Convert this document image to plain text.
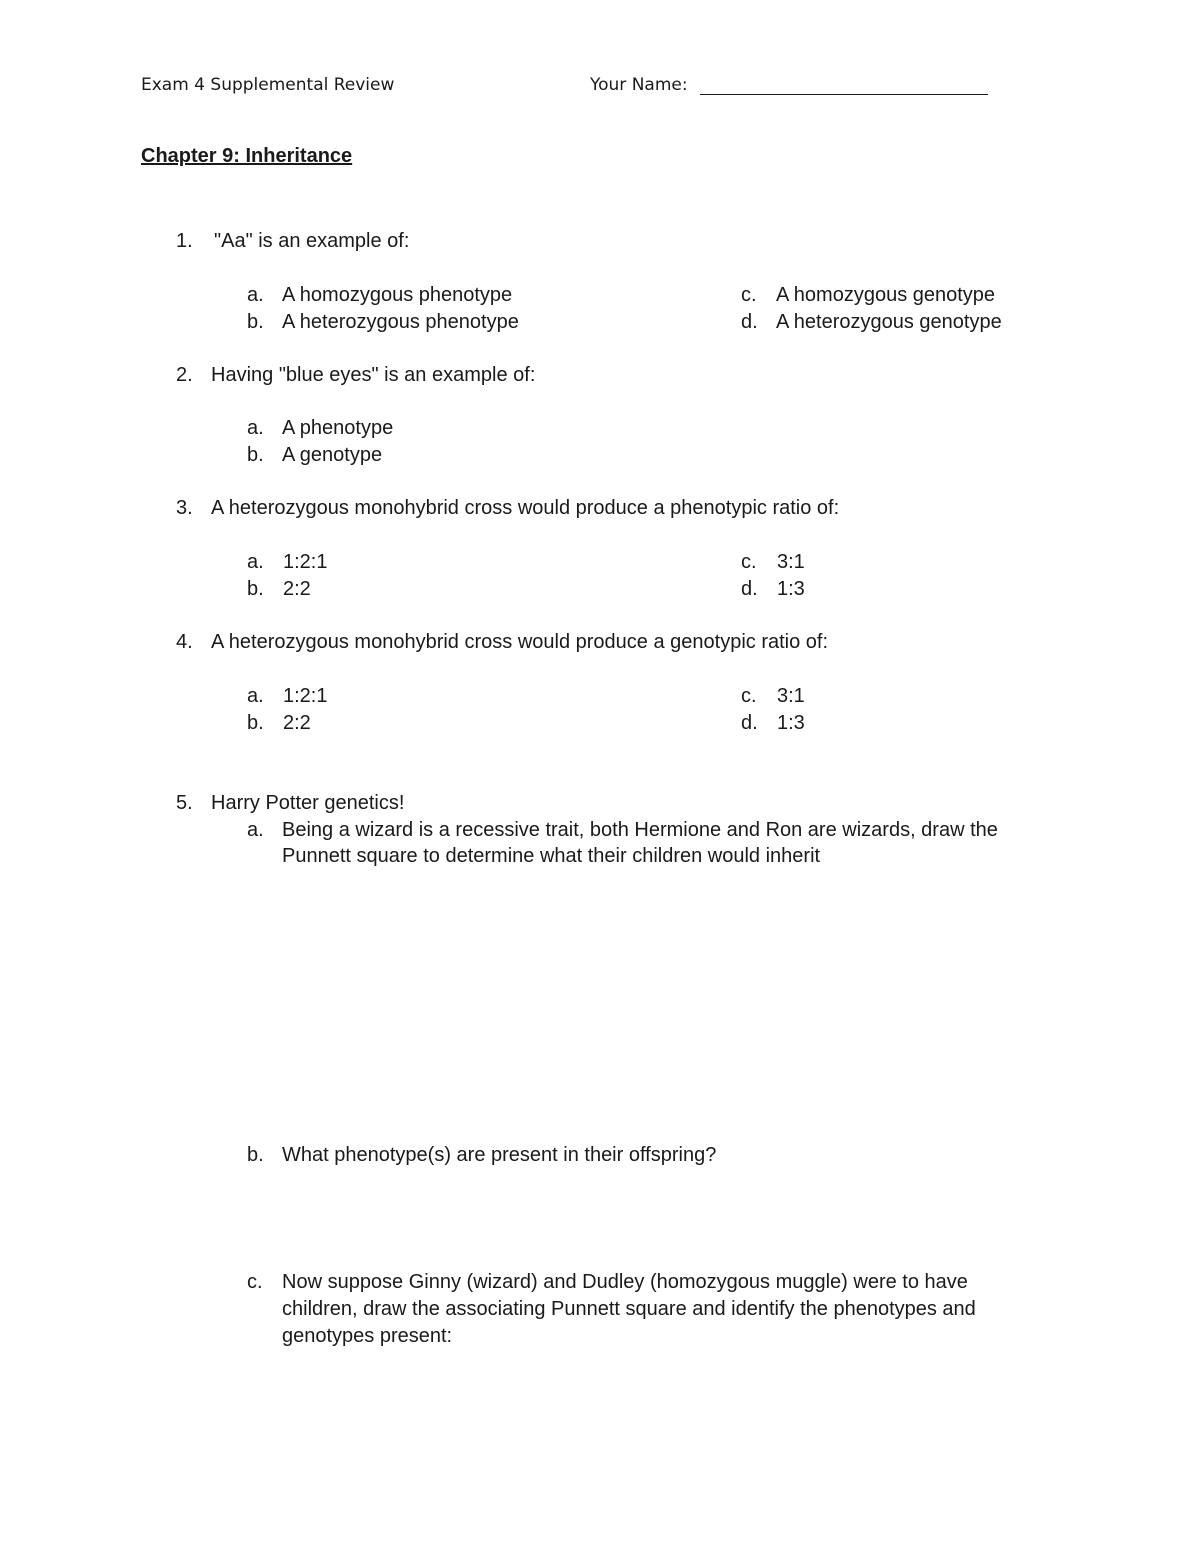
Exam 4 Supplemental Review	Your Name:
Chapter 9: Inheritance
1. "Aa" is an example of:
a. A homozygous phenotype
b. A heterozygous phenotype
c. A homozygous genotype
d. A heterozygous genotype
2. Having "blue eyes" is an example of:
a. A phenotype
b. A genotype
3. A heterozygous monohybrid cross would produce a phenotypic ratio of:
a. 1:2:1
b. 2:2
c. 3:1
d. 1:3
4. A heterozygous monohybrid cross would produce a genotypic ratio of:
a. 1:2:1
b. 2:2
c. 3:1
d. 1:3
5. Harry Potter genetics!
a. Being a wizard is a recessive trait, both Hermione and Ron are wizards, draw the
Punnett square to determine what their children would inherit
b. What phenotype(s) are present in their offspring?
c. Now suppose Ginny (wizard) and Dudley (homozygous muggle) were to have
children, draw the associating Punnett square and identify the phenotypes and
genotypes present:
